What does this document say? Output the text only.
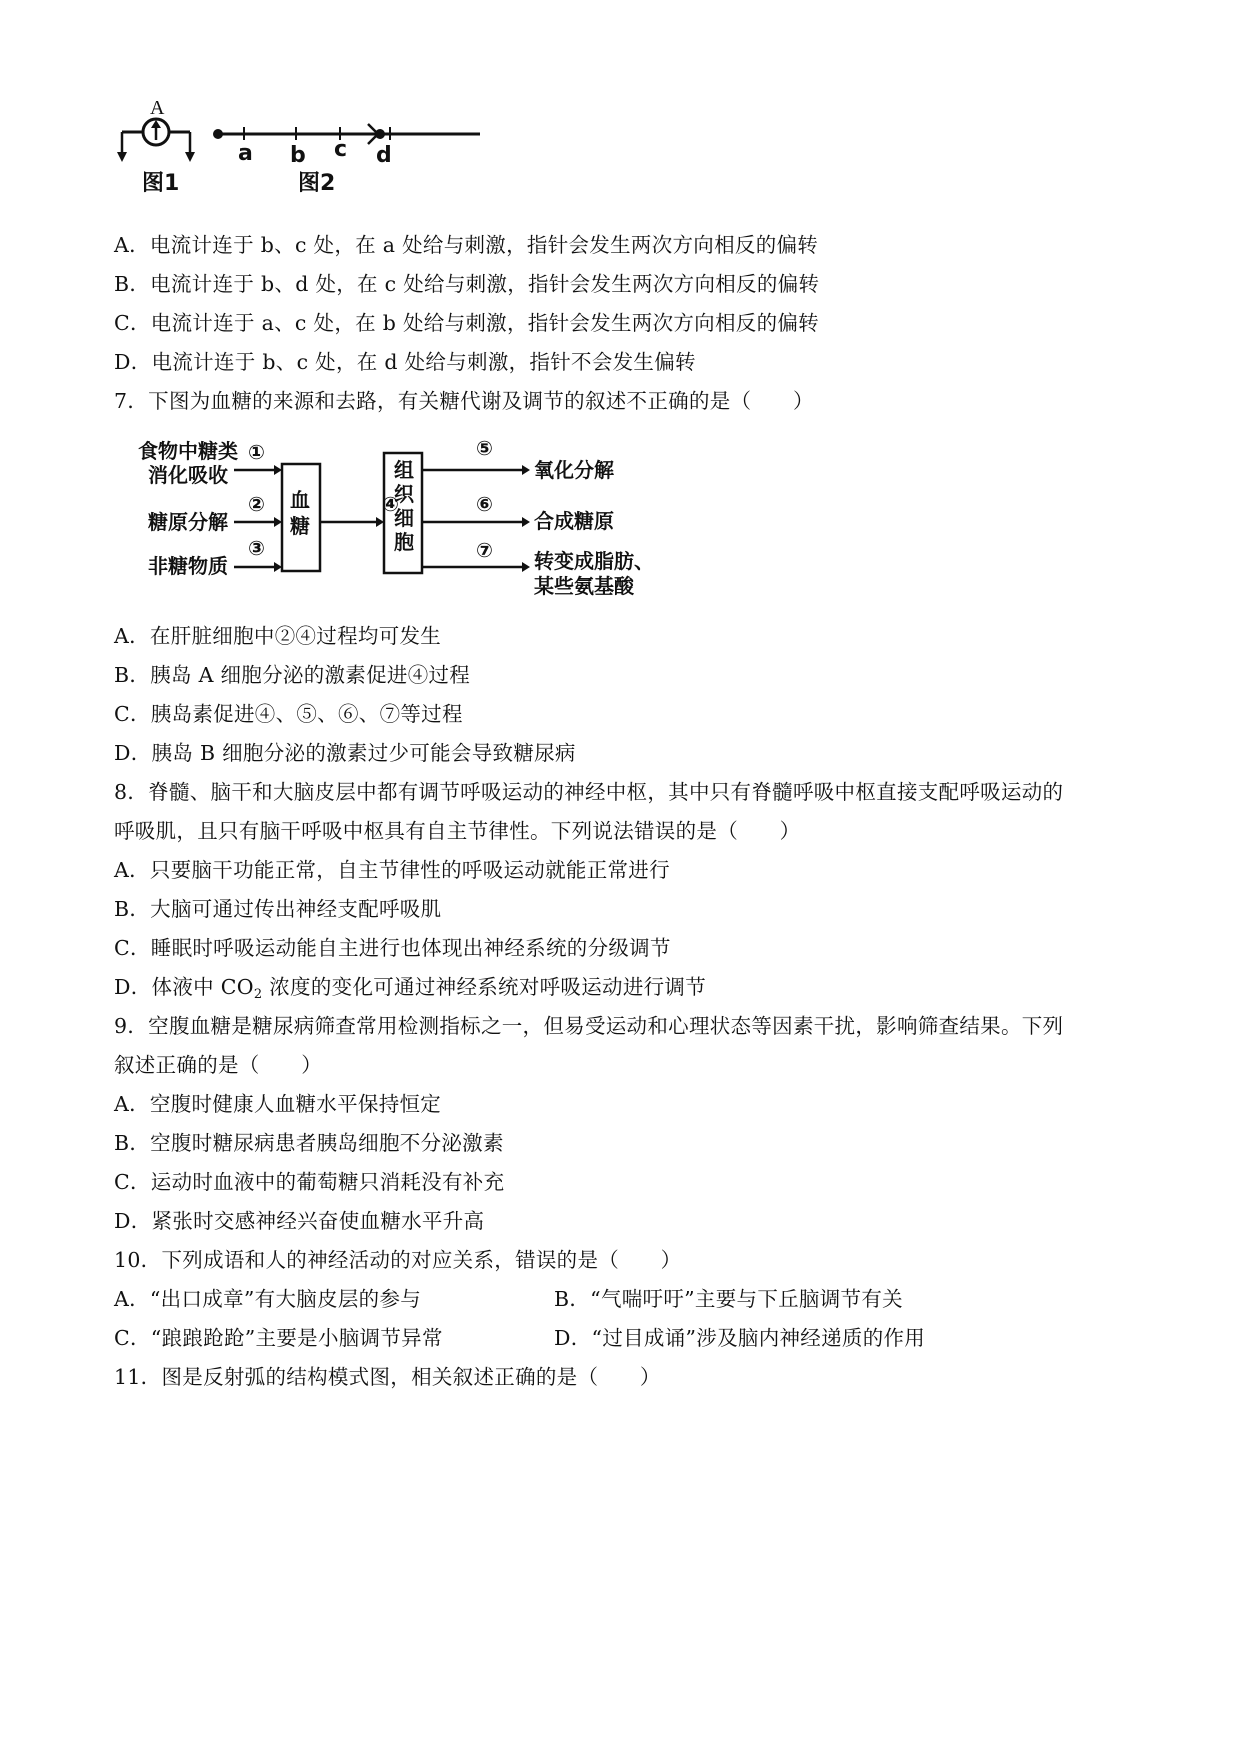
A
图1
a b c d
图2
A．电流计连于 b、c 处，在 a 处给与刺激，指针会发生两次方向相反的偏转
B．电流计连于 b、d 处，在 c 处给与刺激，指针会发生两次方向相反的偏转
C．电流计连于 a、c 处，在 b 处给与刺激，指针会发生两次方向相反的偏转
D．电流计连于 b、c 处，在 d 处给与刺激，指针不会发生偏转
7．下图为血糖的来源和去路，有关糖代谢及调节的叙述不正确的是（　　）
食物中糖类
消化吸收
糖原分解
非糖物质
①
②
③
④
⑤
⑥
⑦
血
糖
组
织
细
胞
氧化分解
合成糖原
转变成脂肪、
某些氨基酸
A．在肝脏细胞中②④过程均可发生
B．胰岛 A 细胞分泌的激素促进④过程
C．胰岛素促进④、⑤、⑥、⑦等过程
D．胰岛 B 细胞分泌的激素过少可能会导致糖尿病
8．脊髓、脑干和大脑皮层中都有调节呼吸运动的神经中枢，其中只有脊髓呼吸中枢直接支配呼吸运动的
呼吸肌，且只有脑干呼吸中枢具有自主节律性。下列说法错误的是（　　）
A．只要脑干功能正常，自主节律性的呼吸运动就能正常进行
B．大脑可通过传出神经支配呼吸肌
C．睡眠时呼吸运动能自主进行也体现出神经系统的分级调节
D．体液中 $CO_2$ 浓度的变化可通过神经系统对呼吸运动进行调节
9．空腹血糖是糖尿病筛查常用检测指标之一，但易受运动和心理状态等因素干扰，影响筛查结果。下列
叙述正确的是（　　）
A．空腹时健康人血糖水平保持恒定
B．空腹时糖尿病患者胰岛细胞不分泌激素
C．运动时血液中的葡萄糖只消耗没有补充
D．紧张时交感神经兴奋使血糖水平升高
10．下列成语和人的神经活动的对应关系，错误的是（　　）
A．“出口成章”有大脑皮层的参与	B．“气喘吁吁”主要与下丘脑调节有关
C．“踉踉跄跄”主要是小脑调节异常	D．“过目成诵”涉及脑内神经递质的作用
11．图是反射弧的结构模式图，相关叙述正确的是（　　）
